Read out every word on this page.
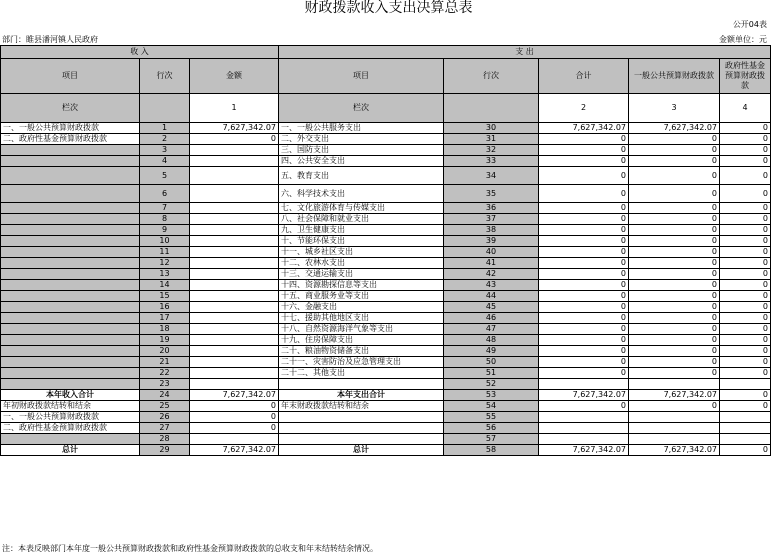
财政拨款收入支出决算总表
公开04表
部门：睢县潘河镇人民政府	金额单位：元
收 入			支 出				
项目	行次	金额	项目	行次	合计	一般公共预算财政拨款	政府性基金预算财政拨款
栏次		1	栏次		2	3	4
一、一般公共预算财政拨款	1	7,627,342.07	一、一般公共服务支出	30	7,627,342.07	7,627,342.07	0
二、政府性基金预算财政拨款	2	0	二、外交支出	31	0	0	0
	3		三、国防支出	32	0	0	0
	4		四、公共安全支出	33	0	0	0
	5		五、教育支出	34	0	0	0
	6		六、科学技术支出	35	0	0	0
	7		七、文化旅游体育与传媒支出	36	0	0	0
	8		八、社会保障和就业支出	37	0	0	0
	9		九、卫生健康支出	38	0	0	0
	10		十、节能环保支出	39	0	0	0
	11		十一、城乡社区支出	40	0	0	0
	12		十二、农林水支出	41	0	0	0
	13		十三、交通运输支出	42	0	0	0
	14		十四、资源勘探信息等支出	43	0	0	0
	15		十五、商业服务业等支出	44	0	0	0
	16		十六、金融支出	45	0	0	0
	17		十七、援助其他地区支出	46	0	0	0
	18		十八、自然资源海洋气象等支出	47	0	0	0
	19		十九、住房保障支出	48	0	0	0
	20		二十、粮油物资储备支出	49	0	0	0
	21		二十一、灾害防治及应急管理支出	50	0	0	0
	22		二十二、其他支出	51	0	0	0
	23			52			
本年收入合计	24	7,627,342.07	本年支出合计	53	7,627,342.07	7,627,342.07	0
年初财政拨款结转和结余	25	0	年末财政拨款结转和结余	54	0	0	0
一、一般公共预算财政拨款	26	0		55			
二、政府性基金预算财政拨款	27	0		56			
	28			57			
总计	29	7,627,342.07	总计	58	7,627,342.07	7,627,342.07	0
注：本表反映部门本年度一般公共预算财政拨款和政府性基金预算财政拨款的总收支和年末结转结余情况。
